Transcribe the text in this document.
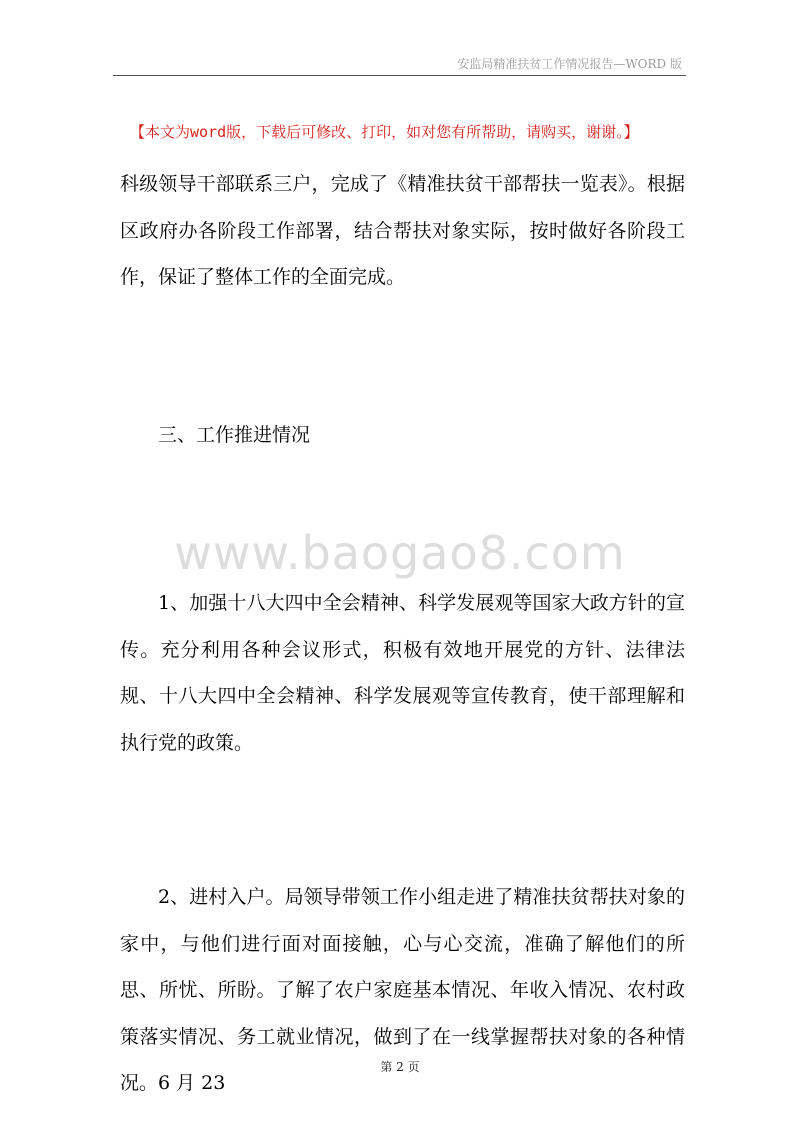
安监局精准扶贫工作情况报告—WORD 版
【本文为word版，下载后可修改、打印，如对您有所帮助，请购买，谢谢。】

科级领导干部联系三户，完成了《精准扶贫干部帮扶一览表》。根据区政府办各阶段工作部署，结合帮扶对象实际，按时做好各阶段工作，保证了整体工作的全面完成。

三、工作推进情况

www.baogao8.com

1、加强十八大四中全会精神、科学发展观等国家大政方针的宣传。充分利用各种会议形式，积极有效地开展党的方针、法律法规、十八大四中全会精神、科学发展观等宣传教育，使干部理解和执行党的政策。

2、进村入户。局领导带领工作小组走进了精准扶贫帮扶对象的家中，与他们进行面对面接触，心与心交流，准确了解他们的所思、所忧、所盼。了解了农户家庭基本情况、年收入情况、农村政策落实情况、务工就业情况，做到了在一线掌握帮扶对象的各种情况。6 月 23

第 2 页
